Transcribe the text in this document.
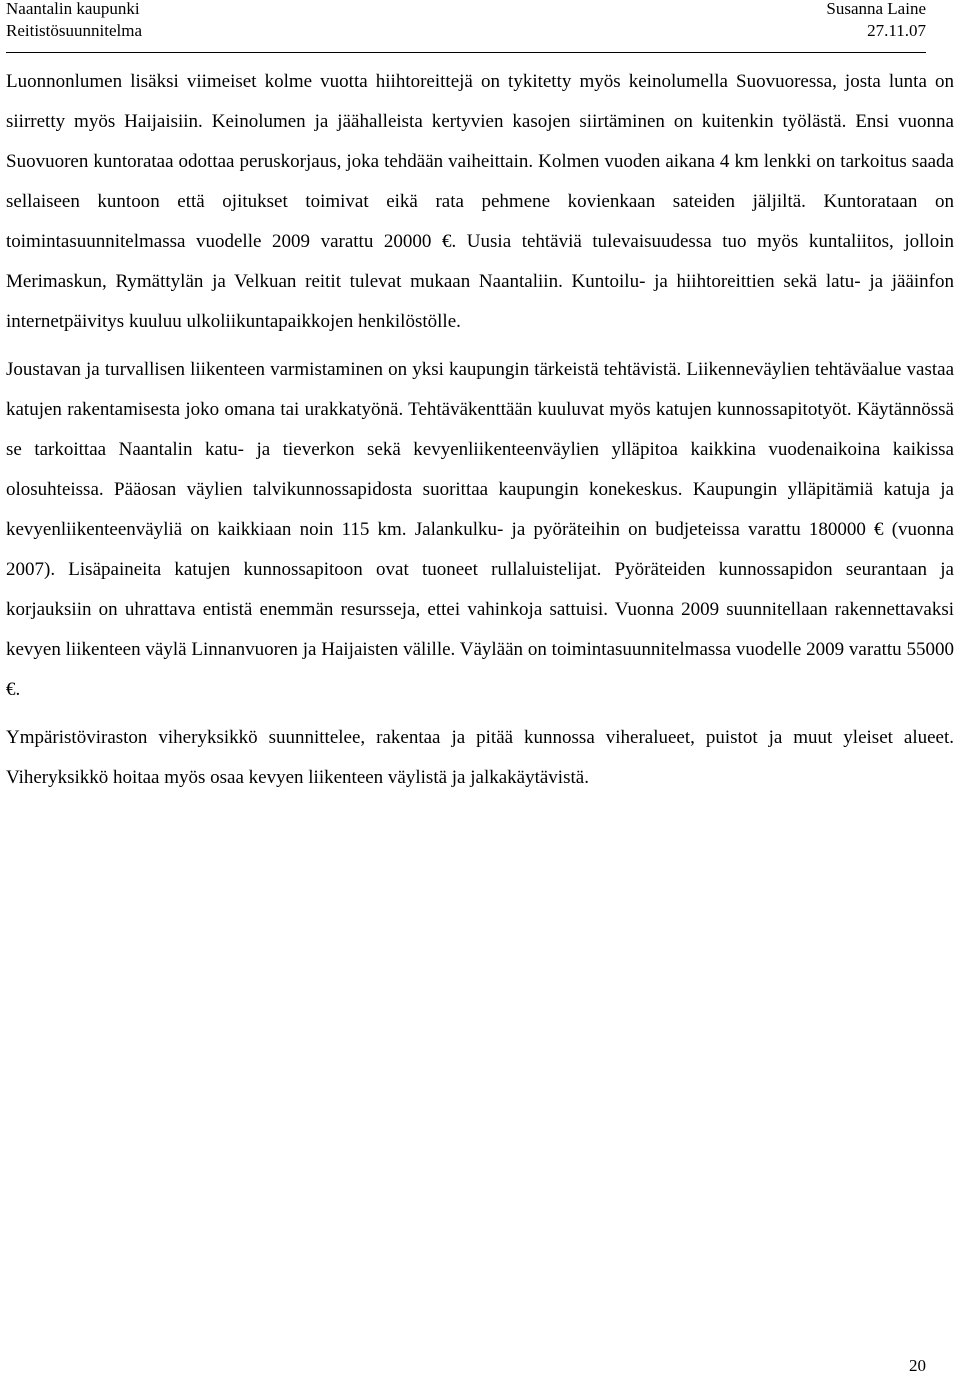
Naantalin kaupunki	Susanna Laine
Reitistösuunnitelma	27.11.07

Luonnonlumen lisäksi viimeiset kolme vuotta hiihtoreittejä on tykitetty myös keinolumella Suovuoressa, josta lunta on siirretty myös Haijaisiin. Keinolumen ja jäähalleista kertyvien kasojen siirtäminen on kuitenkin työlästä. Ensi vuonna Suovuoren kuntorataa odottaa peruskorjaus, joka tehdään vaiheittain. Kolmen vuoden aikana 4 km lenkki on tarkoitus saada sellaiseen kuntoon että ojitukset toimivat eikä rata pehmene kovienkaan sateiden jäljiltä. Kuntorataan on toimintasuunnitelmassa vuodelle 2009 varattu 20000 €. Uusia tehtäviä tulevaisuudessa tuo myös kuntaliitos, jolloin Merimaskun, Rymättylän ja Velkuan reitit tulevat mukaan Naantaliin. Kuntoilu- ja hiihtoreittien sekä latu- ja jääinfon internetpäivitys kuuluu ulkoliikuntapaikkojen henkilöstölle.

Joustavan ja turvallisen liikenteen varmistaminen on yksi kaupungin tärkeistä tehtävistä. Liikenneväylien tehtäväalue vastaa katujen rakentamisesta joko omana tai urakkatyönä. Tehtäväkenttään kuuluvat myös katujen kunnossapitotyöt. Käytännössä se tarkoittaa Naantalin katu- ja tieverkon sekä kevyenliikenteenväylien ylläpitoa kaikkina vuodenaikoina kaikissa olosuhteissa. Pääosan väylien talvikunnossapidosta suorittaa kaupungin konekeskus. Kaupungin ylläpitämiä katuja ja kevyenliikenteenväyliä on kaikkiaan noin 115 km. Jalankulku- ja pyöräteihin on budjeteissa varattu 180000 € (vuonna 2007). Lisäpaineita katujen kunnossapitoon ovat tuoneet rullaluistelijat. Pyöräteiden kunnossapidon seurantaan ja korjauksiin on uhrattava entistä enemmän resursseja, ettei vahinkoja sattuisi. Vuonna 2009 suunnitellaan rakennettavaksi kevyen liikenteen väylä Linnanvuoren ja Haijaisten välille. Väylään on toimintasuunnitelmassa vuodelle 2009 varattu 55000 €.

Ympäristöviraston viheryksikkö suunnittelee, rakentaa ja pitää kunnossa viheralueet, puistot ja muut yleiset alueet. Viheryksikkö hoitaa myös osaa kevyen liikenteen väylistä ja jalkakäytävistä.

20
